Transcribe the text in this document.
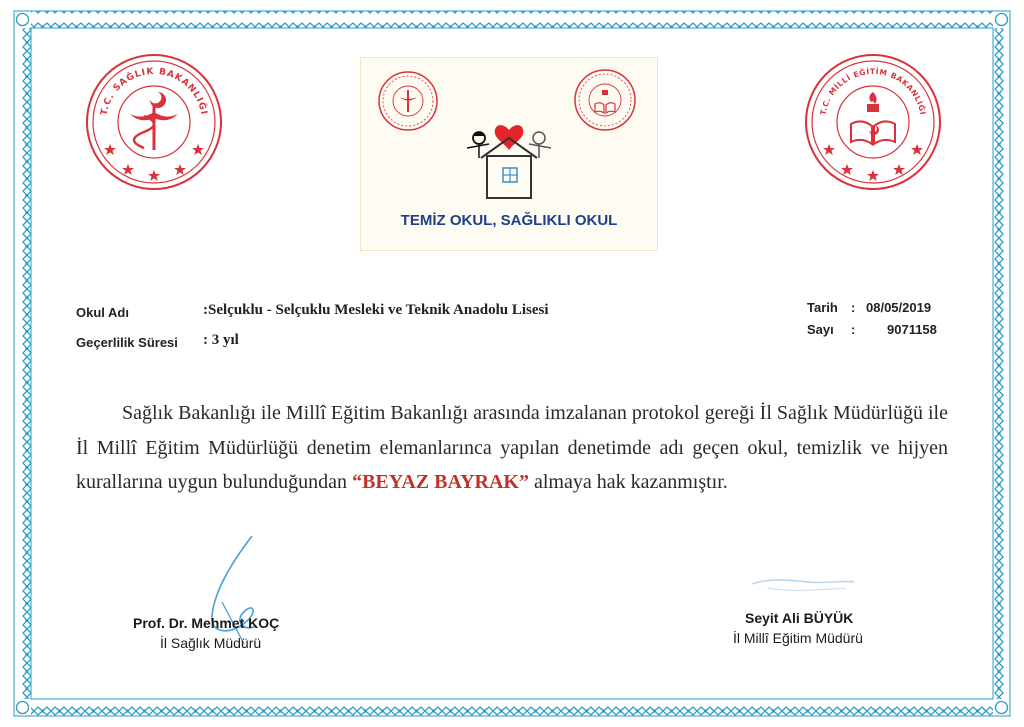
T.C. SAĞLIK BAKANLIĞI	T.C. MİLLİ EĞİTİM BAKANLIĞI
TEMİZ OKUL, SAĞLIKLI OKUL
Okul Adı	:Selçuklu - Selçuklu Mesleki ve Teknik Anadolu Lisesi
Geçerlilik Süresi : 3 yıl
Tarih : 08/05/2019
Sayı : 9071158
Sağlık Bakanlığı ile Millî Eğitim Bakanlığı arasında imzalanan protokol gereği İl Sağlık Müdürlüğü ile İl Millî Eğitim Müdürlüğü denetim elemanlarınca yapılan denetimde adı geçen okul, temizlik ve hijyen kurallarına uygun bulunduğundan “BEYAZ BAYRAK” almaya hak kazanmıştır.
Prof. Dr. Mehmet KOÇ
İl Sağlık Müdürü
Seyit Ali BÜYÜK
İl Millî Eğitim Müdürü
